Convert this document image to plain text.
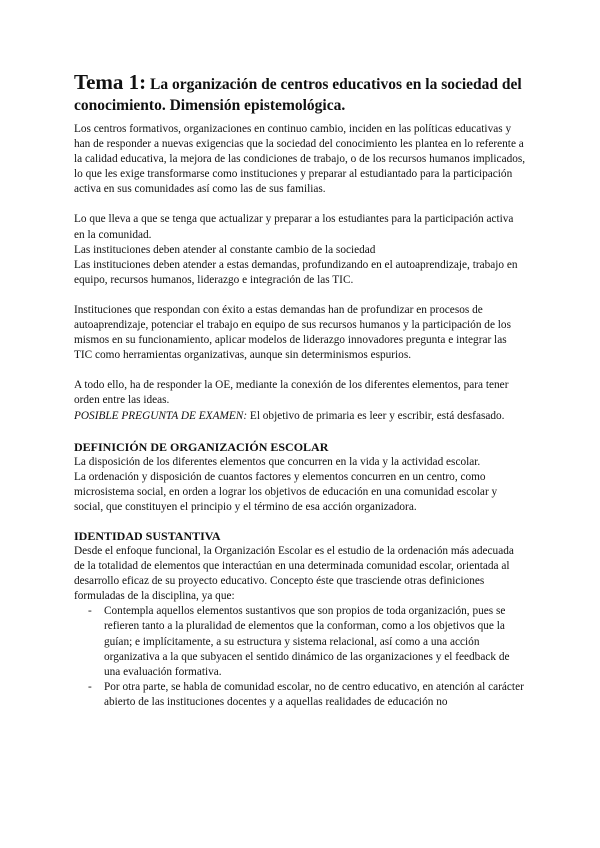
Tema 1: La organización de centros educativos en la sociedad del conocimiento. Dimensión epistemológica.

Los centros formativos, organizaciones en continuo cambio, inciden en las políticas educativas y han de responder a nuevas exigencias que la sociedad del conocimiento les plantea en lo referente a la calidad educativa, la mejora de las condiciones de trabajo, o de los recursos humanos implicados, lo que les exige transformarse como instituciones y preparar al estudiantado para la participación activa en sus comunidades así como las de sus familias.

Lo que lleva a que se tenga que actualizar y preparar a los estudiantes para la participación activa en la comunidad.

Las instituciones deben atender al constante cambio de la sociedad

Las instituciones deben atender a estas demandas, profundizando en el autoaprendizaje, trabajo en equipo, recursos humanos, liderazgo e integración de las TIC.

Instituciones que respondan con éxito a estas demandas han de profundizar en procesos de autoaprendizaje, potenciar el trabajo en equipo de sus recursos humanos y la participación de los mismos en su funcionamiento, aplicar modelos de liderazgo innovadores pregunta e integrar las TIC como herramientas organizativas, aunque sin determinismos espurios.

A todo ello, ha de responder la OE, mediante la conexión de los diferentes elementos, para tener orden entre las ideas.

POSIBLE PREGUNTA DE EXAMEN: El objetivo de primaria es leer y escribir, está desfasado.

DEFINICIÓN DE ORGANIZACIÓN ESCOLAR

La disposición de los diferentes elementos que concurren en la vida y la actividad escolar.

La ordenación y disposición de cuantos factores y elementos concurren en un centro, como microsistema social, en orden a lograr los objetivos de educación en una comunidad escolar y social, que constituyen el principio y el término de esa acción organizadora.

IDENTIDAD SUSTANTIVA

Desde el enfoque funcional, la Organización Escolar es el estudio de la ordenación más adecuada de la totalidad de elementos que interactúan en una determinada comunidad escolar, orientada al desarrollo eficaz de su proyecto educativo. Concepto éste que trasciende otras definiciones formuladas de la disciplina, ya que:

- Contempla aquellos elementos sustantivos que son propios de toda organización, pues se refieren tanto a la pluralidad de elementos que la conforman, como a los objetivos que la guían; e implícitamente, a su estructura y sistema relacional, así como a una acción organizativa a la que subyacen el sentido dinámico de las organizaciones y el feedback de una evaluación formativa.
- Por otra parte, se habla de comunidad escolar, no de centro educativo, en atención al carácter abierto de las instituciones docentes y a aquellas realidades de educación no
